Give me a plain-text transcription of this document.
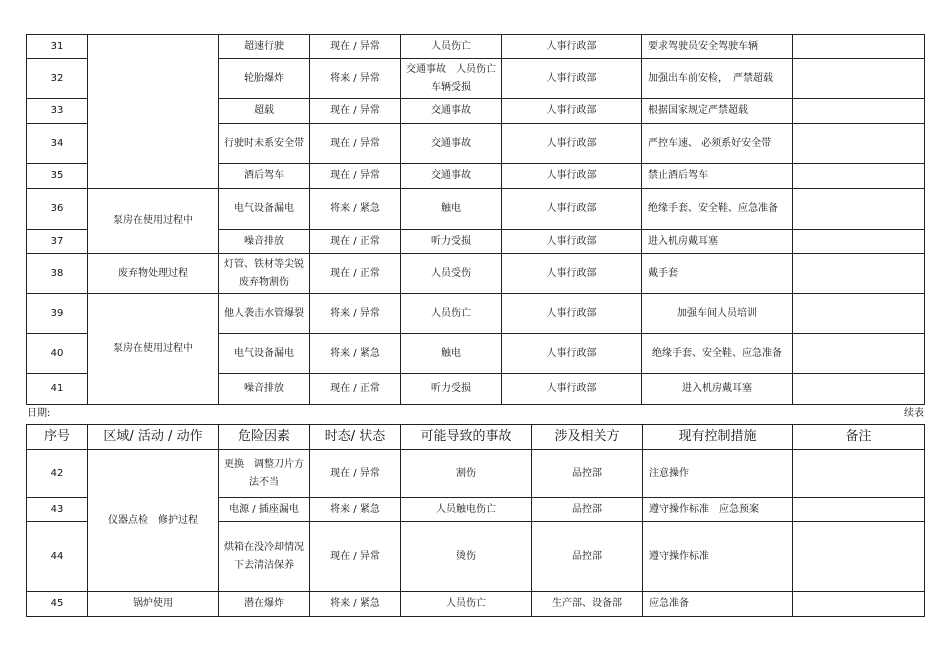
31		超速行驶	现在 / 异常	人员伤亡	人事行政部	要求驾驶员安全驾驶车辆	
32		轮胎爆炸	将来 / 异常	交通事故　人员伤亡车辆受损	人事行政部	加强出车前安检，　严禁超载	
33		超载	现在 / 异常	交通事故	人事行政部	根据国家规定严禁超载	
34		行驶时未系安全带	现在 / 异常	交通事故	人事行政部	严控车速、 必须系好安全带	
35		酒后驾车	现在 / 异常	交通事故	人事行政部	禁止酒后驾车	
36	泵房在使用过程中	电气设备漏电	将来 / 紧急	触电	人事行政部	绝缘手套、安全鞋、应急准备	
37		噪音排放	现在 / 正常	听力受损	人事行政部	进入机房戴耳塞	
38	废弃物处理过程	灯管、铁材等尖锐废弃物割伤	现在 / 正常	人员受伤	人事行政部	戴手套	
39	泵房在使用过程中	他人袭击水管爆裂	将来 / 异常	人员伤亡	人事行政部	加强车间人员培训	
40		电气设备漏电	将来 / 紧急	触电	人事行政部	绝缘手套、安全鞋、应急准备	
41		噪音排放	现在 / 正常	听力受损	人事行政部	进入机房戴耳塞	
日期:	续表
序号	区域/ 活动 / 动作	危险因素	时态/ 状态	可能导致的事故	涉及相关方	现有控制措施	备注
42	仪器点检　修护过程	更换　调整刀片方法不当	现在 / 异常	割伤	品控部	注意操作	
43		电源 / 插座漏电	将来 / 紧急	人员触电伤亡	品控部	遵守操作标准　应急预案	
44		烘箱在没冷却情况下去清洁保养	现在 / 异常	烫伤	品控部	遵守操作标准	
45	锅炉使用	潜在爆炸	将来 / 紧急	人员伤亡	生产部、设备部	应急准备	
